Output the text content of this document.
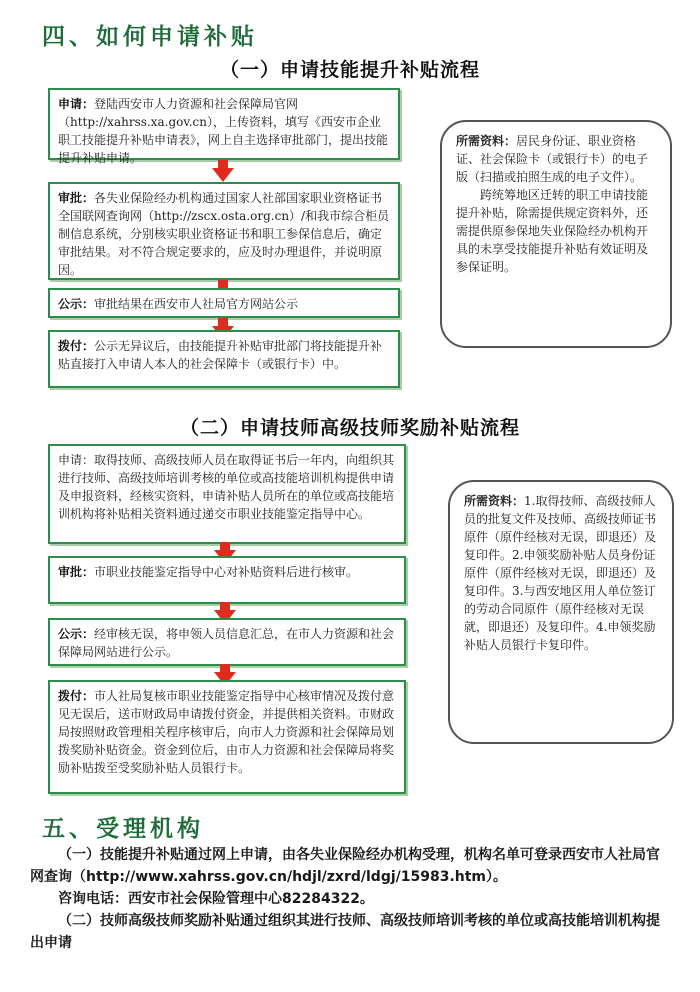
四、如何申请补贴
（一）申请技能提升补贴流程
申请：登陆西安市人力资源和社会保障局官网（http://xahrss.xa.gov.cn），上传资料，填写《西安市企业职工技能提升补贴申请表》，网上自主选择审批部门，提出技能提升补贴申请。
审批：各失业保险经办机构通过国家人社部国家职业资格证书全国联网查询网（http://zscx.osta.org.cn）/和我市综合柜员制信息系统，分别核实职业资格证书和职工参保信息后，确定审批结果。对不符合规定要求的，应及时办理退件，并说明原因。
公示：审批结果在西安市人社局官方网站公示
拨付：公示无异议后，由技能提升补贴审批部门将技能提升补贴直接打入申请人本人的社会保障卡（或银行卡）中。
所需资料：居民身份证、职业资格证、社会保险卡（或银行卡）的电子版（扫描或拍照生成的电子文件）。
跨统筹地区迁转的职工申请技能提升补贴，除需提供规定资料外，还需提供原参保地失业保险经办机构开具的未享受技能提升补贴有效证明及参保证明。
（二）申请技师高级技师奖励补贴流程
申请：取得技师、高级技师人员在取得证书后一年内，向组织其进行技师、高级技师培训考核的单位或高技能培训机构提供申请及申报资料，经核实资料，申请补贴人员所在的单位或高技能培训机构将补贴相关资料通过递交市职业技能鉴定指导中心。
审批：市职业技能鉴定指导中心对补贴资料后进行核审。
公示：经审核无误，将申领人员信息汇总，在市人力资源和社会保障局网站进行公示。
拨付：市人社局复核市职业技能鉴定指导中心核审情况及拨付意见无误后，送市财政局申请拨付资金，并提供相关资料。市财政局按照财政管理相关程序核审后，向市人力资源和社会保障局划拨奖励补贴资金。资金到位后，由市人力资源和社会保障局将奖励补贴拨至受奖励补贴人员银行卡。
所需资料：1.取得技师、高级技师人员的批复文件及技师、高级技师证书原件（原件经核对无误，即退还）及复印件。2.申领奖励补贴人员身份证原件（原件经核对无误，即退还）及复印件。3.与西安地区用人单位签订的劳动合同原件（原件经核对无误就，即退还）及复印件。4.申领奖励补贴人员银行卡复印件。
五、受理机构
（一）技能提升补贴通过网上申请，由各失业保险经办机构受理，机构名单可登录西安市人社局官网查询（http://www.xahrss.gov.cn/hdjl/zxrd/ldgj/15983.htm）。
咨询电话：西安市社会保险管理中心82284322。
（二）技师高级技师奖励补贴通过组织其进行技师、高级技师培训考核的单位或高技能培训机构提出申请
